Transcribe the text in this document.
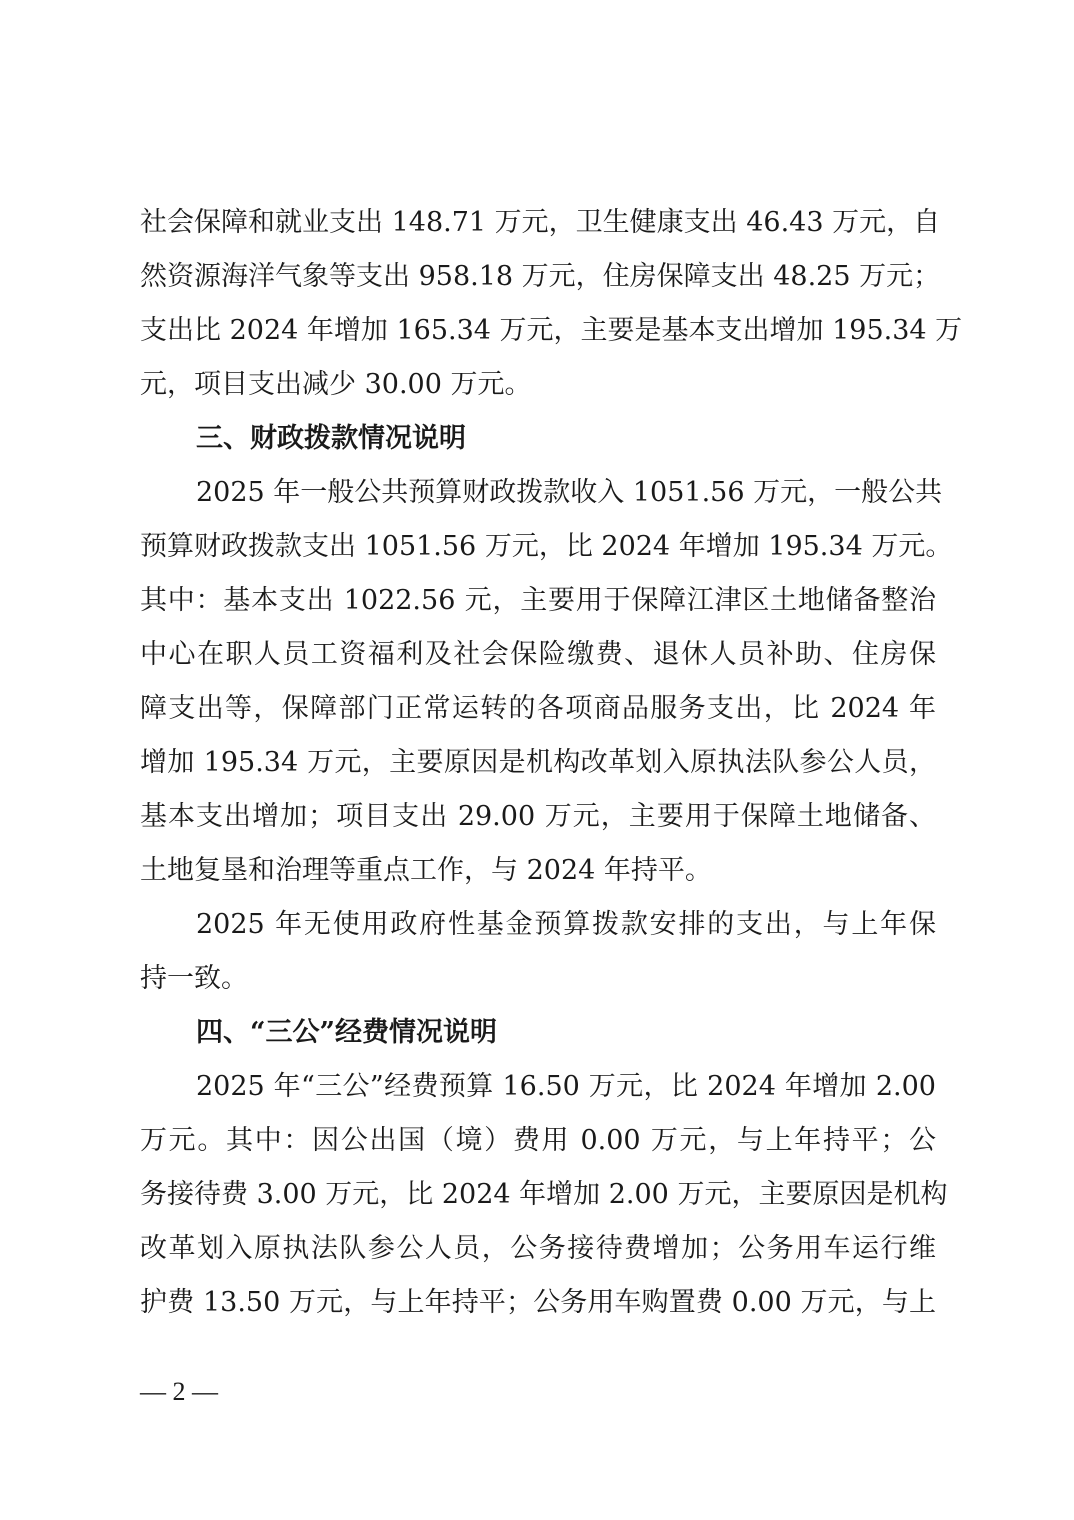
社会保障和就业支出 148.71 万元，卫生健康支出 46.43 万元，自
然资源海洋气象等支出 958.18 万元，住房保障支出 48.25 万元；
支出比 2024 年增加 165.34 万元，主要是基本支出增加 195.34 万
元，项目支出减少 30.00 万元。
三、财政拨款情况说明
2025 年一般公共预算财政拨款收入 1051.56 万元，一般公共
预算财政拨款支出 1051.56 万元，比 2024 年增加 195.34 万元。
其中：基本支出 1022.56 元，主要用于保障江津区土地储备整治
中心在职人员工资福利及社会保险缴费、退休人员补助、住房保
障支出等，保障部门正常运转的各项商品服务支出，比 2024 年
增加 195.34 万元，主要原因是机构改革划入原执法队参公人员，
基本支出增加；项目支出 29.00 万元，主要用于保障土地储备、
土地复垦和治理等重点工作，与 2024 年持平。
2025 年无使用政府性基金预算拨款安排的支出，与上年保
持一致。
四、“三公”经费情况说明
2025 年“三公”经费预算 16.50 万元，比 2024 年增加 2.00
万元。其中：因公出国（境）费用 0.00 万元，与上年持平；公
务接待费 3.00 万元，比 2024 年增加 2.00 万元，主要原因是机构
改革划入原执法队参公人员，公务接待费增加；公务用车运行维
护费 13.50 万元，与上年持平；公务用车购置费 0.00 万元，与上
— 2 —
